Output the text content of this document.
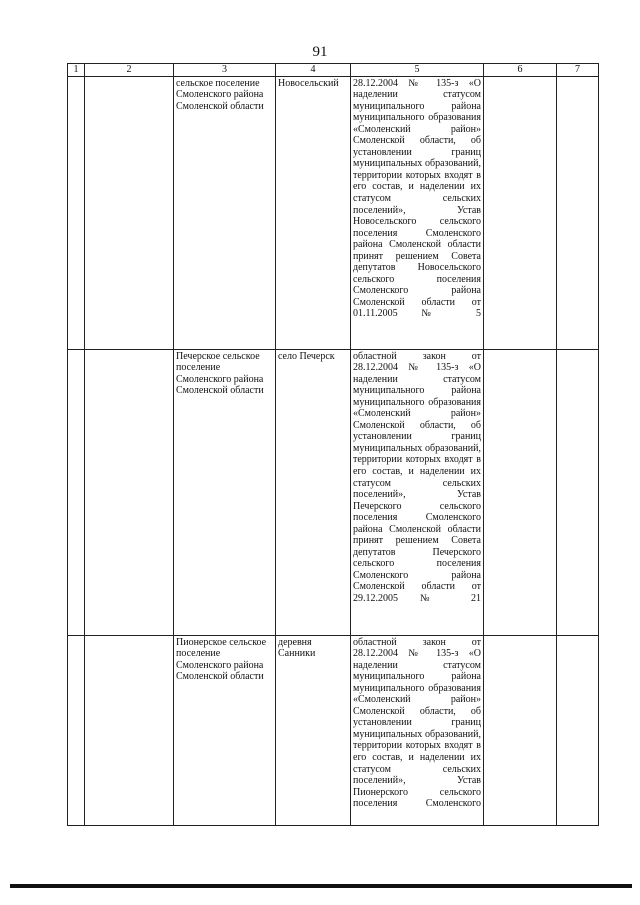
91
1	2	3	4	5	6	7
		сельское поселение Смоленского района Смоленской области	Новосельский	28.12.2004 № 135-з «О наделении статусом муниципального района муниципального образования «Смоленский район» Смоленской области, об установлении границ муниципальных образований, территории которых входят в его состав, и наделении их статусом сельских поселений», Устав Новосельского сельского поселения Смоленского района Смоленской области принят решением Совета депутатов Новосельского сельского поселения Смоленского района Смоленской области от 01.11.2005 № 5		
		Печерское сельское поселение Смоленского района Смоленской области	село Печерск	областной закон от 28.12.2004 № 135-з «О наделении статусом муниципального района муниципального образования «Смоленский район» Смоленской области, об установлении границ муниципальных образований, территории которых входят в его состав, и наделении их статусом сельских поселений», Устав Печерского сельского поселения Смоленского района Смоленской области принят решением Совета депутатов Печерского сельского поселения Смоленского района Смоленской области от 29.12.2005 № 21		
		Пионерское сельское поселение Смоленского района Смоленской области	деревня Санники	областной закон от 28.12.2004 № 135-з «О наделении статусом муниципального района муниципального образования «Смоленский район» Смоленской области, об установлении границ муниципальных образований, территории которых входят в его состав, и наделении их статусом сельских поселений», Устав Пионерского сельского поселения Смоленского		
